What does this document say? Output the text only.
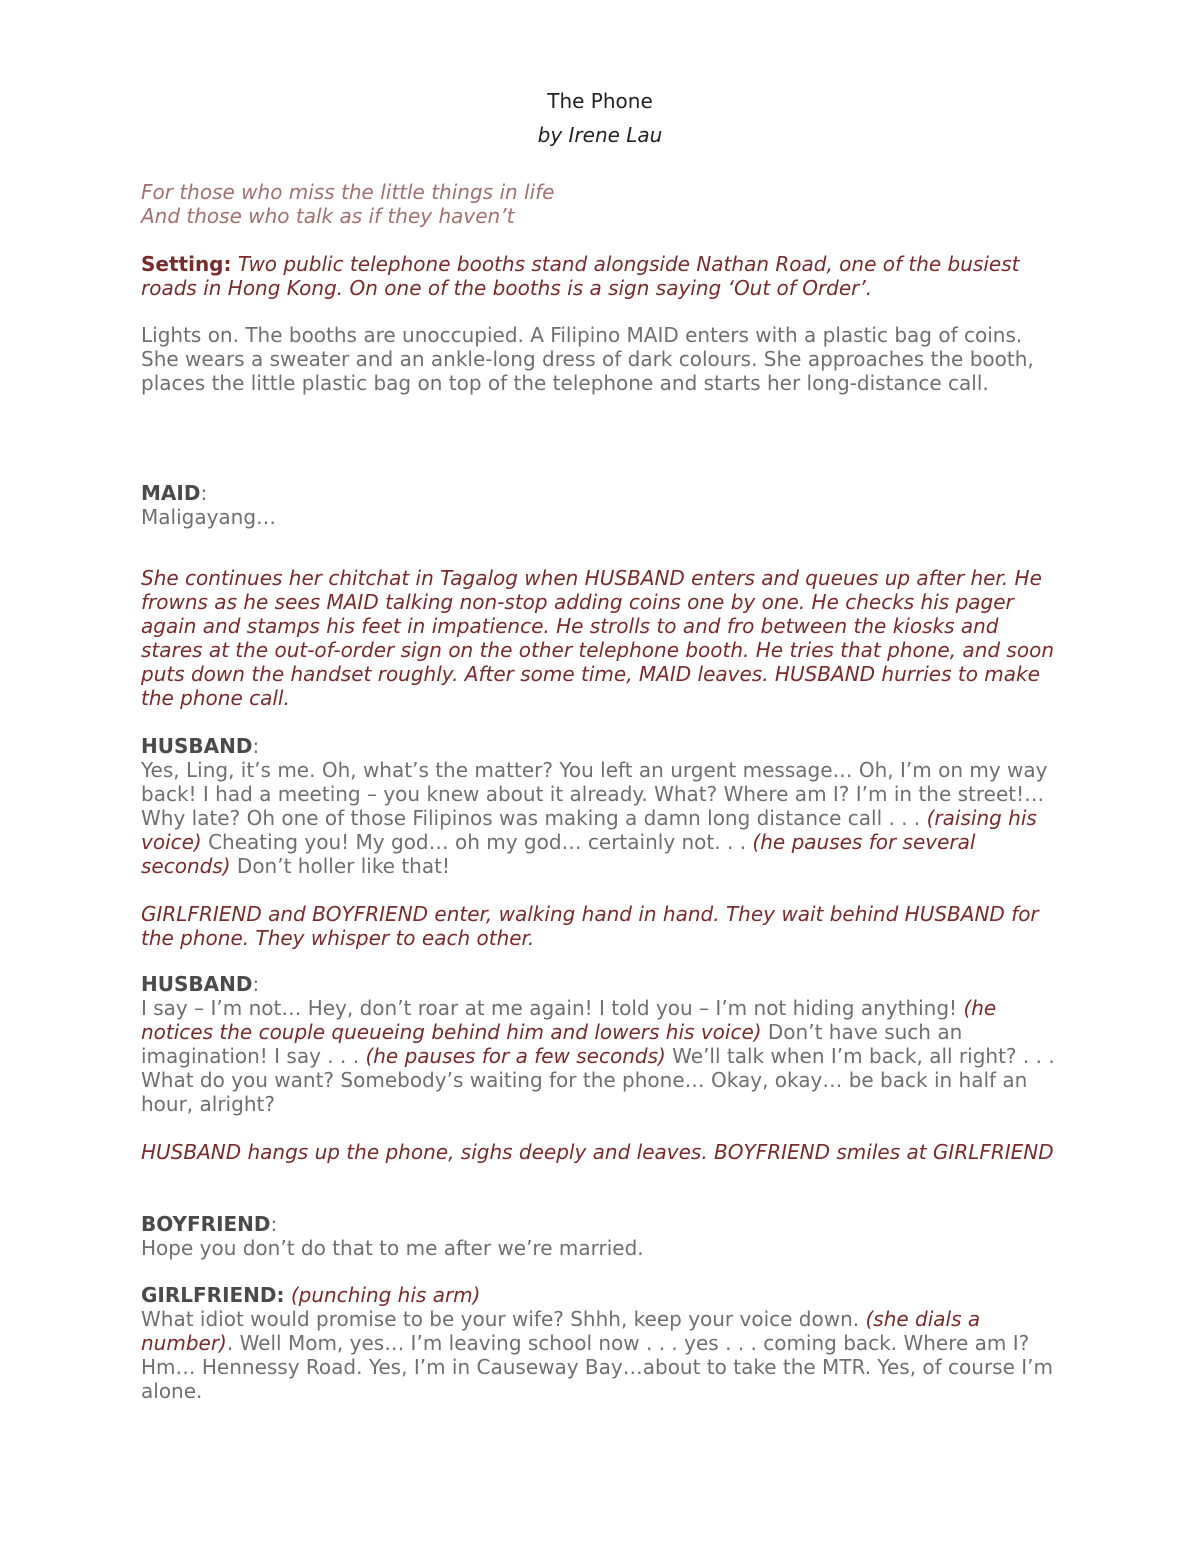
The Phone
by Irene Lau
For those who miss the little things in life
And those who talk as if they haven’t
Setting: Two public telephone booths stand alongside Nathan Road, one of the busiest roads in Hong Kong. On one of the booths is a sign saying ‘Out of Order’.
Lights on. The booths are unoccupied. A Filipino MAID enters with a plastic bag of coins. She wears a sweater and an ankle-long dress of dark colours. She approaches the booth, places the little plastic bag on top of the telephone and starts her long-distance call.
MAID:
Maligayang…
She continues her chitchat in Tagalog when HUSBAND enters and queues up after her. He frowns as he sees MAID talking non-stop adding coins one by one. He checks his pager again and stamps his feet in impatience. He strolls to and fro between the kiosks and stares at the out-of-order sign on the other telephone booth. He tries that phone, and soon puts down the handset roughly. After some time, MAID leaves. HUSBAND hurries to make the phone call.
HUSBAND:
Yes, Ling, it’s me. Oh, what’s the matter? You left an urgent message… Oh, I’m on my way back! I had a meeting – you knew about it already. What? Where am I? I’m in the street!… Why late? Oh one of those Filipinos was making a damn long distance call . . . (raising his voice) Cheating you! My god… oh my god… certainly not. . . (he pauses for several seconds) Don’t holler like that!
GIRLFRIEND and BOYFRIEND enter, walking hand in hand. They wait behind HUSBAND for the phone. They whisper to each other.
HUSBAND:
I say – I’m not… Hey, don’t roar at me again! I told you – I’m not hiding anything! (he notices the couple queueing behind him and lowers his voice) Don’t have such an imagination! I say . . . (he pauses for a few seconds) We’ll talk when I’m back, all right? . . . What do you want? Somebody’s waiting for the phone… Okay, okay… be back in half an hour, alright?
HUSBAND hangs up the phone, sighs deeply and leaves. BOYFRIEND smiles at GIRLFRIEND
BOYFRIEND:
Hope you don’t do that to me after we’re married.
GIRLFRIEND: (punching his arm)
What idiot would promise to be your wife? Shhh, keep your voice down. (she dials a number). Well Mom, yes… I’m leaving school now . . . yes . . . coming back. Where am I? Hm… Hennessy Road. Yes, I’m in Causeway Bay…about to take the MTR. Yes, of course I’m alone.
